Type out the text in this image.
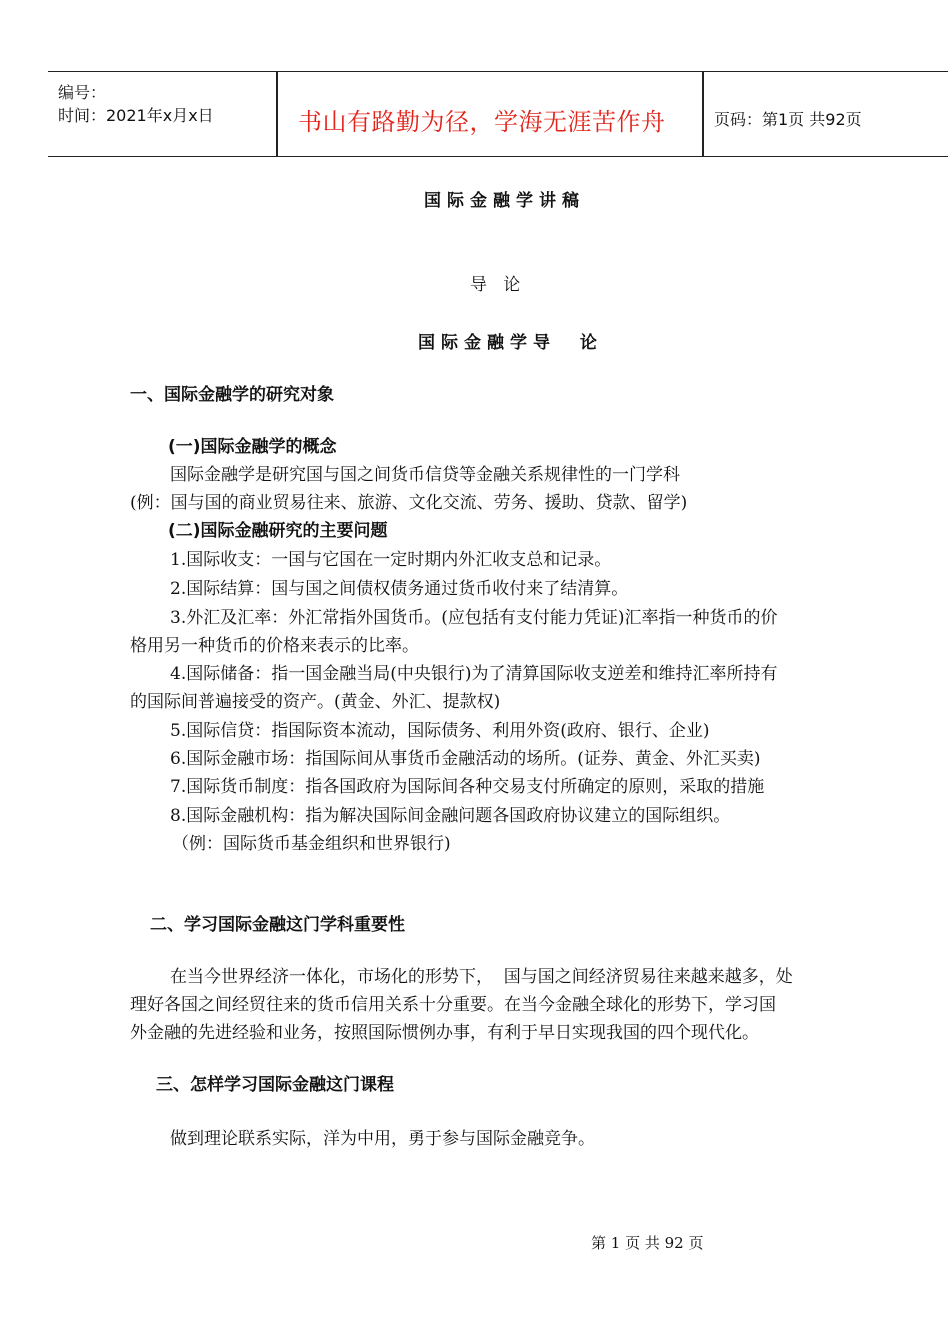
编号：
时间：2021年x月x日	书山有路勤为径，学海无涯苦作舟	页码：第1页 共92页
国际金融学讲稿
导   论
国际金融学导  论
一、国际金融学的研究对象
(一)国际金融学的概念
国际金融学是研究国与国之间货币信贷等金融关系规律性的一门学科
(例：国与国的商业贸易往来、旅游、文化交流、劳务、援助、贷款、留学)
(二)国际金融研究的主要问题
1.国际收支：一国与它国在一定时期内外汇收支总和记录。
2.国际结算：国与国之间债权债务通过货币收付来了结清算。
3.外汇及汇率：外汇常指外国货币。(应包括有支付能力凭证)汇率指一种货币的价
格用另一种货币的价格来表示的比率。
4.国际储备：指一国金融当局(中央银行)为了清算国际收支逆差和维持汇率所持有
的国际间普遍接受的资产。(黄金、外汇、提款权)
5.国际信贷：指国际资本流动，国际债务、利用外资(政府、银行、企业)
6.国际金融市场：指国际间从事货币金融活动的场所。(证券、黄金、外汇买卖)
7.国际货币制度：指各国政府为国际间各种交易支付所确定的原则，采取的措施
8.国际金融机构：指为解决国际间金融问题各国政府协议建立的国际组织。
（例：国际货币基金组织和世界银行)
二、学习国际金融这门学科重要性
在当今世界经济一体化，市场化的形势下，  国与国之间经济贸易往来越来越多，处
理好各国之间经贸往来的货币信用关系十分重要。在当今金融全球化的形势下，学习国
外金融的先进经验和业务，按照国际惯例办事，有利于早日实现我国的四个现代化。
三、怎样学习国际金融这门课程
做到理论联系实际，洋为中用，勇于参与国际金融竞争。
第 1 页 共 92 页
